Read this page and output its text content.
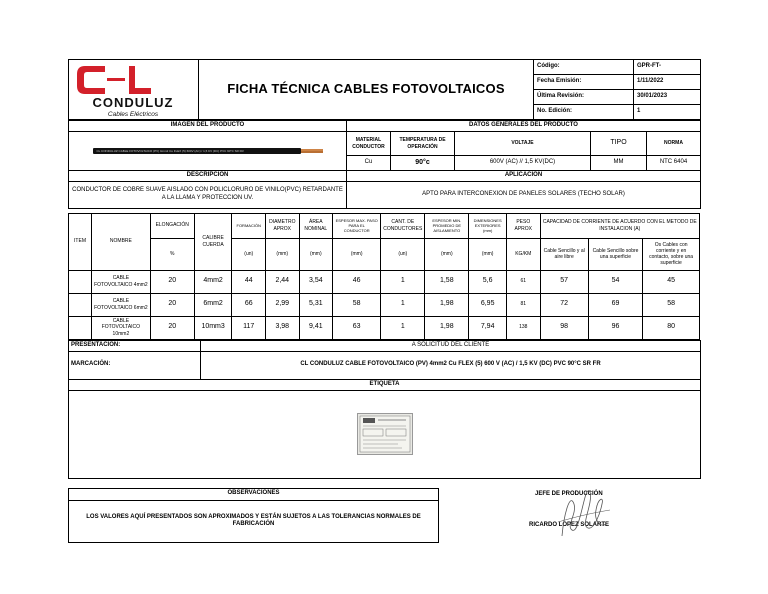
CONDULUZ
Cables Eléctricos	FICHA TÉCNICA CABLES FOTOVOLTAICOS	Código:	GPR-FT-
		Fecha Emisión:	1/11/2022
		Última Revisión:	30/01/2023
		No. Edición:	1
IMAGEN DEL PRODUCTO	DATOS GENERALES DEL PRODUCTO				

CL CONDULUZ CABLE FOTOVOLTAICO (PV) 4mm2 Cu FLEX (5) 600V (AC) / 1,5 KV (DC) PVC 90°C SR FR	MATERIAL CONDUCTOR	TEMPERATURA DE OPERACIÓN	VOLTAJE	TIPO	NORMA
	Cu	90°c	600V (AC) // 1,5 KV(DC)	MM	NTC 6404
DESCRIPCIÓN	APLICACIÓN				
CONDUCTOR DE COBRE SUAVE AISLADO CON POLICLORURO DE VINILO(PVC) RETARDANTE A LA LLAMA Y PROTECCION UV.	APTO PARA INTERCONEXION DE PANELES SOLARES (TECHO SOLAR)				
ITEM	NOMBRE	ELONGACIÓN	CALIBRE CUERDA	FORMACIÓN	DIAMETRO APROX	ÁREA NOMINAL	ESPESOR MAX. PASO PARA EL CONDUCTOR	CANT. DE CONDUCTORES	ESPESOR MIN. PROMEDIO DE AISLAMIENTO	DIMENSIONES EXTERIORES (mm)	PESO APROX	CAPACIDAD DE CORRIENTE DE ACUERDO CON EL METODO DE INSTALACION (A)		
		%		(un)	(mm)	(mm)	(mm)	(un)	(mm)	(mm)	KG/KM	Cable Sencillo y al aire libre	Cable Sencillo sobre una superficie	Os Cables con corriente y en contacto, sobre una superficie
	CABLE FOTOVOLTAICO 4mm2	20	4mm2	44	2,44	3,54	46	1	1,58	5,6	61	57	54	45
	CABLE FOTOVOLTAICO 6mm2	20	6mm2	66	2,99	5,31	58	1	1,98	6,95	81	72	69	58
	CABLE FOTOVOLTAICO 10mm2	20	10mm3	117	3,98	9,41	63	1	1,98	7,94	138	98	96	80
PRESENTACIÓN:	A SOLICITUD DEL CLIENTE
MARCACIÓN:	CL CONDULUZ CABLE FOTOVOLTAICO (PV) 4mm2 Cu FLEX (5) 600 V (AC) / 1,5 KV (DC) PVC 90°C SR FR
ETIQUETA	

OBSERVACIONES	JEFE DE PRODUCCIÓN
RICARDO LOPEZ SOLARTE

LOS VALORES AQUÍ PRESENTADOS SON APROXIMADOS Y ESTÁN SUJETOS A LAS TOLERANCIAS NORMALES DE FABRICACIÓN
